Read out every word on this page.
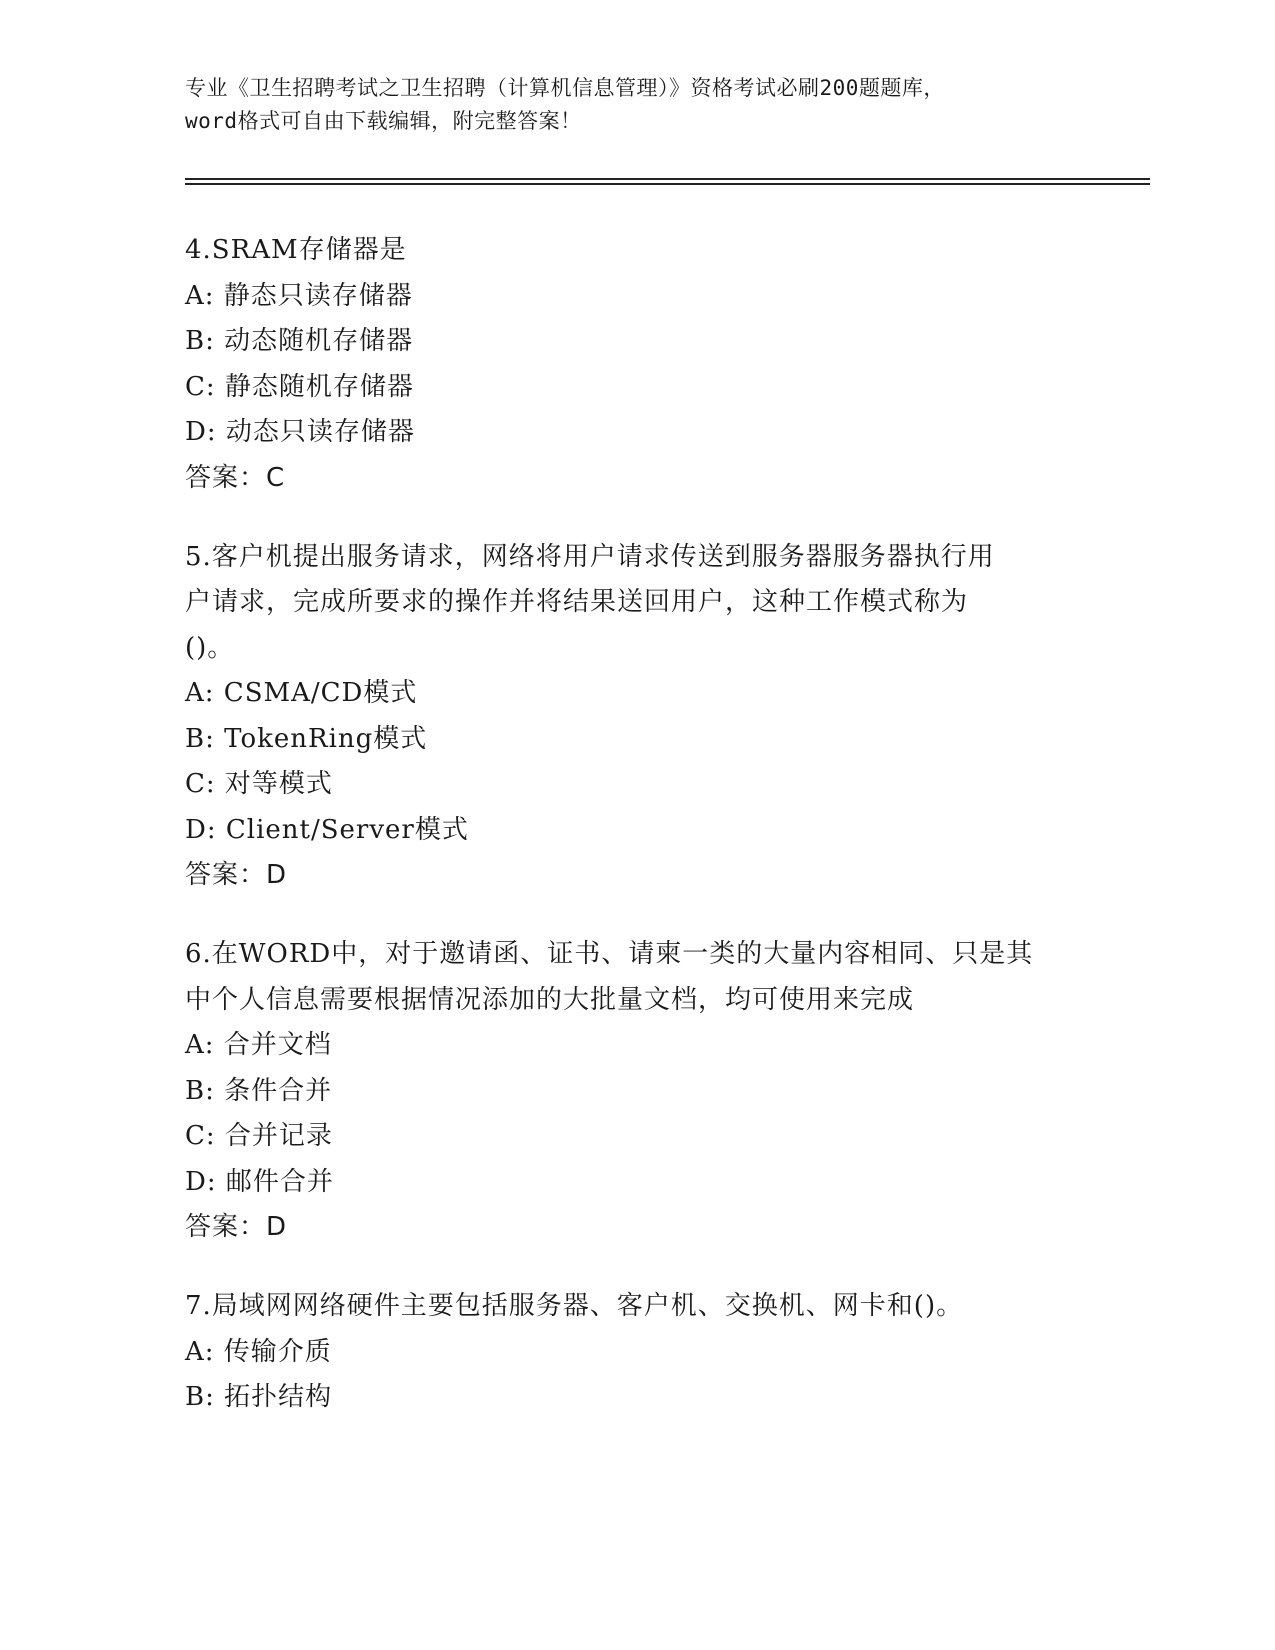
专业《卫生招聘考试之卫生招聘（计算机信息管理）》资格考试必刷200题题库，
word格式可自由下载编辑，附完整答案！
4.SRAM存储器是
A: 静态只读存储器
B: 动态随机存储器
C: 静态随机存储器
D: 动态只读存储器
答案：C
5.客户机提出服务请求，网络将用户请求传送到服务器服务器执行用户请求，完成所要求的操作并将结果送回用户，这种工作模式称为()。
A: CSMA/CD模式
B: TokenRing模式
C: 对等模式
D: Client/Server模式
答案：D
6.在WORD中，对于邀请函、证书、请柬一类的大量内容相同、只是其中个人信息需要根据情况添加的大批量文档，均可使用来完成
A: 合并文档
B: 条件合并
C: 合并记录
D: 邮件合并
答案：D
7.局域网网络硬件主要包括服务器、客户机、交换机、网卡和()。
A: 传输介质
B: 拓扑结构
